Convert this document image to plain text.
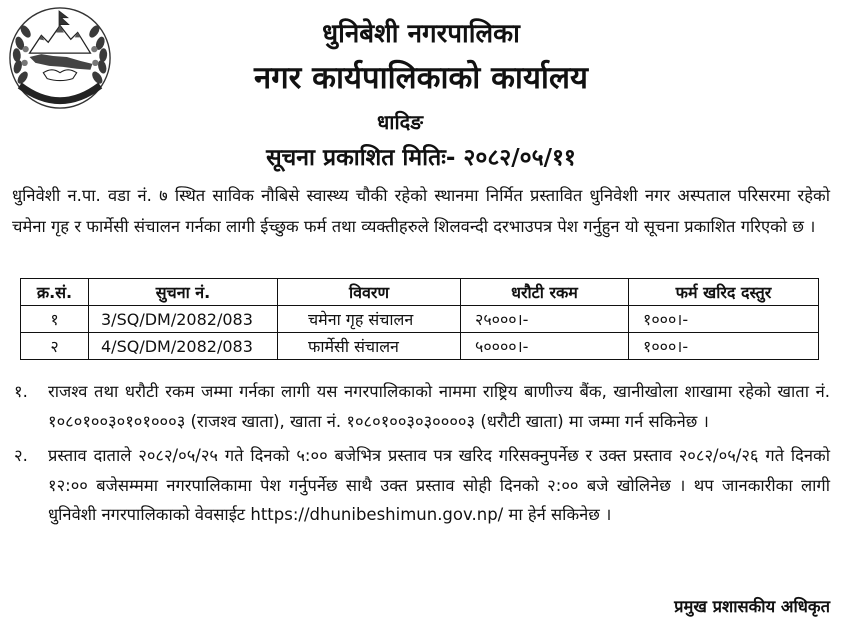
धुनिबेशी नगरपालिका
नगर कार्यपालिकाको कार्यालय
धादिङ
सूचना प्रकाशित मितिः- २०८२/०५/११
धुनिवेशी न.पा. वडा नं. ७ स्थित साविक नौबिसे स्वास्थ्य चौकी रहेको स्थानमा निर्मित प्रस्तावित धुनिवेशी नगर अस्पताल परिसरमा रहेको चमेना गृह र फार्मेसी संचालन गर्नका लागी ईच्छुक फर्म तथा व्यक्तीहरुले शिलवन्दी दरभाउपत्र पेश गर्नुहुन यो सूचना प्रकाशित गरिएको छ ।
क्र.सं.	सुचना नं.	विवरण	धरौटी रकम	फर्म खरिद दस्तुर
१	3/SQ/DM/2082/083	चमेना गृह संचालन	२५०००।-	१०००।-
२	4/SQ/DM/2082/083	फार्मेसी संचालन	५००००।-	१०००।-
१.	राजश्व तथा धरौटी रकम जम्मा गर्नका लागी यस नगरपालिकाको नाममा राष्ट्रिय बाणीज्य बैंक, खानीखोला शाखामा रहेको खाता नं. १०८०१००३०१०१०००३ (राजश्व खाता), खाता नं. १०८०१००३०३००००३ (धरौटी खाता) मा जम्मा गर्न सकिनेछ ।
२.	प्रस्ताव दाताले २०८२/०५/२५ गते दिनको ५:०० बजेभित्र प्रस्ताव पत्र खरिद गरिसक्नुपर्नेछ र उक्त प्रस्ताव २०८२/०५/२६ गते दिनको १२:०० बजेसम्ममा नगरपालिकामा पेश गर्नुपर्नेछ साथै उक्त प्रस्ताव सोही दिनको २:०० बजे खोलिनेछ । थप जानकारीका लागी धुनिवेशी नगरपालिकाको वेवसाईट https://dhunibeshimun.gov.np/ मा हेर्न सकिनेछ ।
प्रमुख प्रशासकीय अधिकृत
